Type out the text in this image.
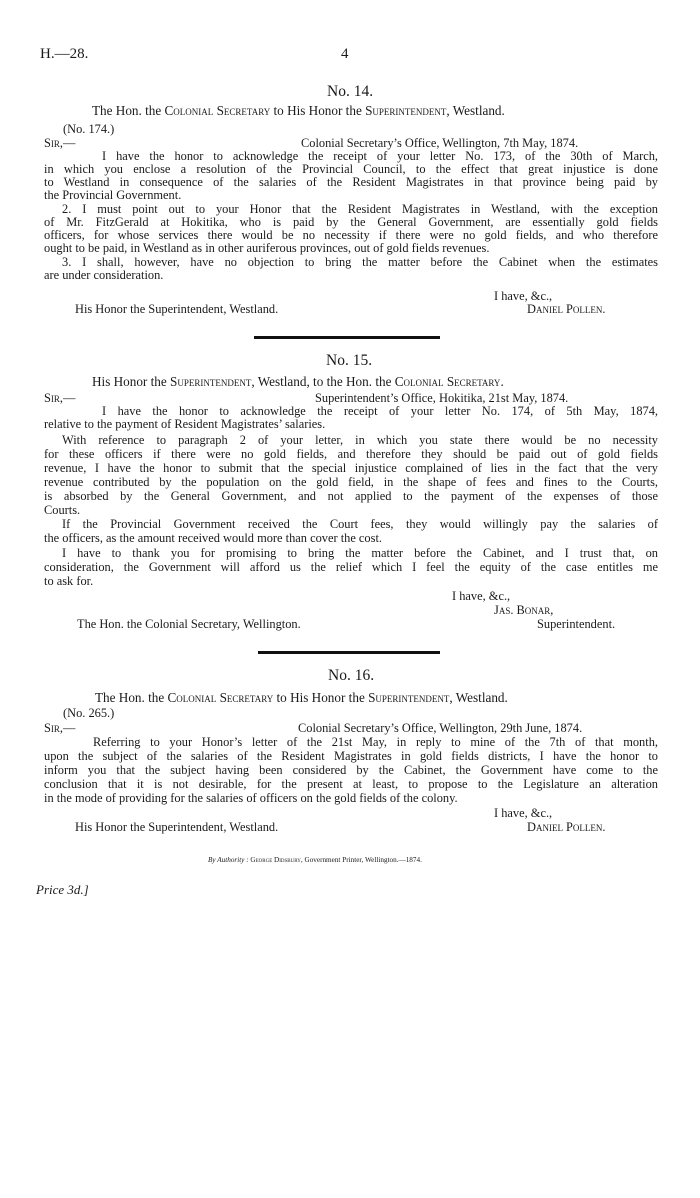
H.—28.	4
No. 14.
The Hon. the Colonial Secretary to His Honor the Superintendent, Westland.
(No. 174.)
Sir,—	Colonial Secretary’s Office, Wellington, 7th May, 1874.
I have the honor to acknowledge the receipt of your letter No. 173, of the 30th of March,
in which you enclose a resolution of the Provincial Council, to the effect that great injustice is done
to Westland in consequence of the salaries of the Resident Magistrates in that province being paid by
the Provincial Government.
2. I must point out to your Honor that the Resident Magistrates in Westland, with the exception
of Mr. FitzGerald at Hokitika, who is paid by the General Government, are essentially gold fields
officers, for whose services there would be no necessity if there were no gold fields, and who therefore
ought to be paid, in Westland as in other auriferous provinces, out of gold fields revenues.
3. I shall, however, have no objection to bring the matter before the Cabinet when the estimates
are under consideration.
I have, &c.,
His Honor the Superintendent, Westland.	Daniel Pollen.
No. 15.
His Honor the Superintendent, Westland, to the Hon. the Colonial Secretary.
Sir,—	Superintendent’s Office, Hokitika, 21st May, 1874.
I have the honor to acknowledge the receipt of your letter No. 174, of 5th May, 1874,
relative to the payment of Resident Magistrates’ salaries.
With reference to paragraph 2 of your letter, in which you state there would be no necessity
for these officers if there were no gold fields, and therefore they should be paid out of gold fields
revenue, I have the honor to submit that the special injustice complained of lies in the fact that the very
revenue contributed by the population on the gold field, in the shape of fees and fines to the Courts,
is absorbed by the General Government, and not applied to the payment of the expenses of those
Courts.
If the Provincial Government received the Court fees, they would willingly pay the salaries of
the officers, as the amount received would more than cover the cost.
I have to thank you for promising to bring the matter before the Cabinet, and I trust that, on
consideration, the Government will afford us the relief which I feel the equity of the case entitles me
to ask for.
I have, &c.,
Jas. Bonar,
The Hon. the Colonial Secretary, Wellington.	Superintendent.
No. 16.
The Hon. the Colonial Secretary to His Honor the Superintendent, Westland.
(No. 265.)
Sir,—	Colonial Secretary’s Office, Wellington, 29th June, 1874.
Referring to your Honor’s letter of the 21st May, in reply to mine of the 7th of that month,
upon the subject of the salaries of the Resident Magistrates in gold fields districts, I have the honor to
inform you that the subject having been considered by the Cabinet, the Government have come to the
conclusion that it is not desirable, for the present at least, to propose to the Legislature an alteration
in the mode of providing for the salaries of officers on the gold fields of the colony.
I have, &c.,
His Honor the Superintendent, Westland.	Daniel Pollen.
By Authority : George Didsbury, Government Printer, Wellington.—1874.
Price 3d.]
